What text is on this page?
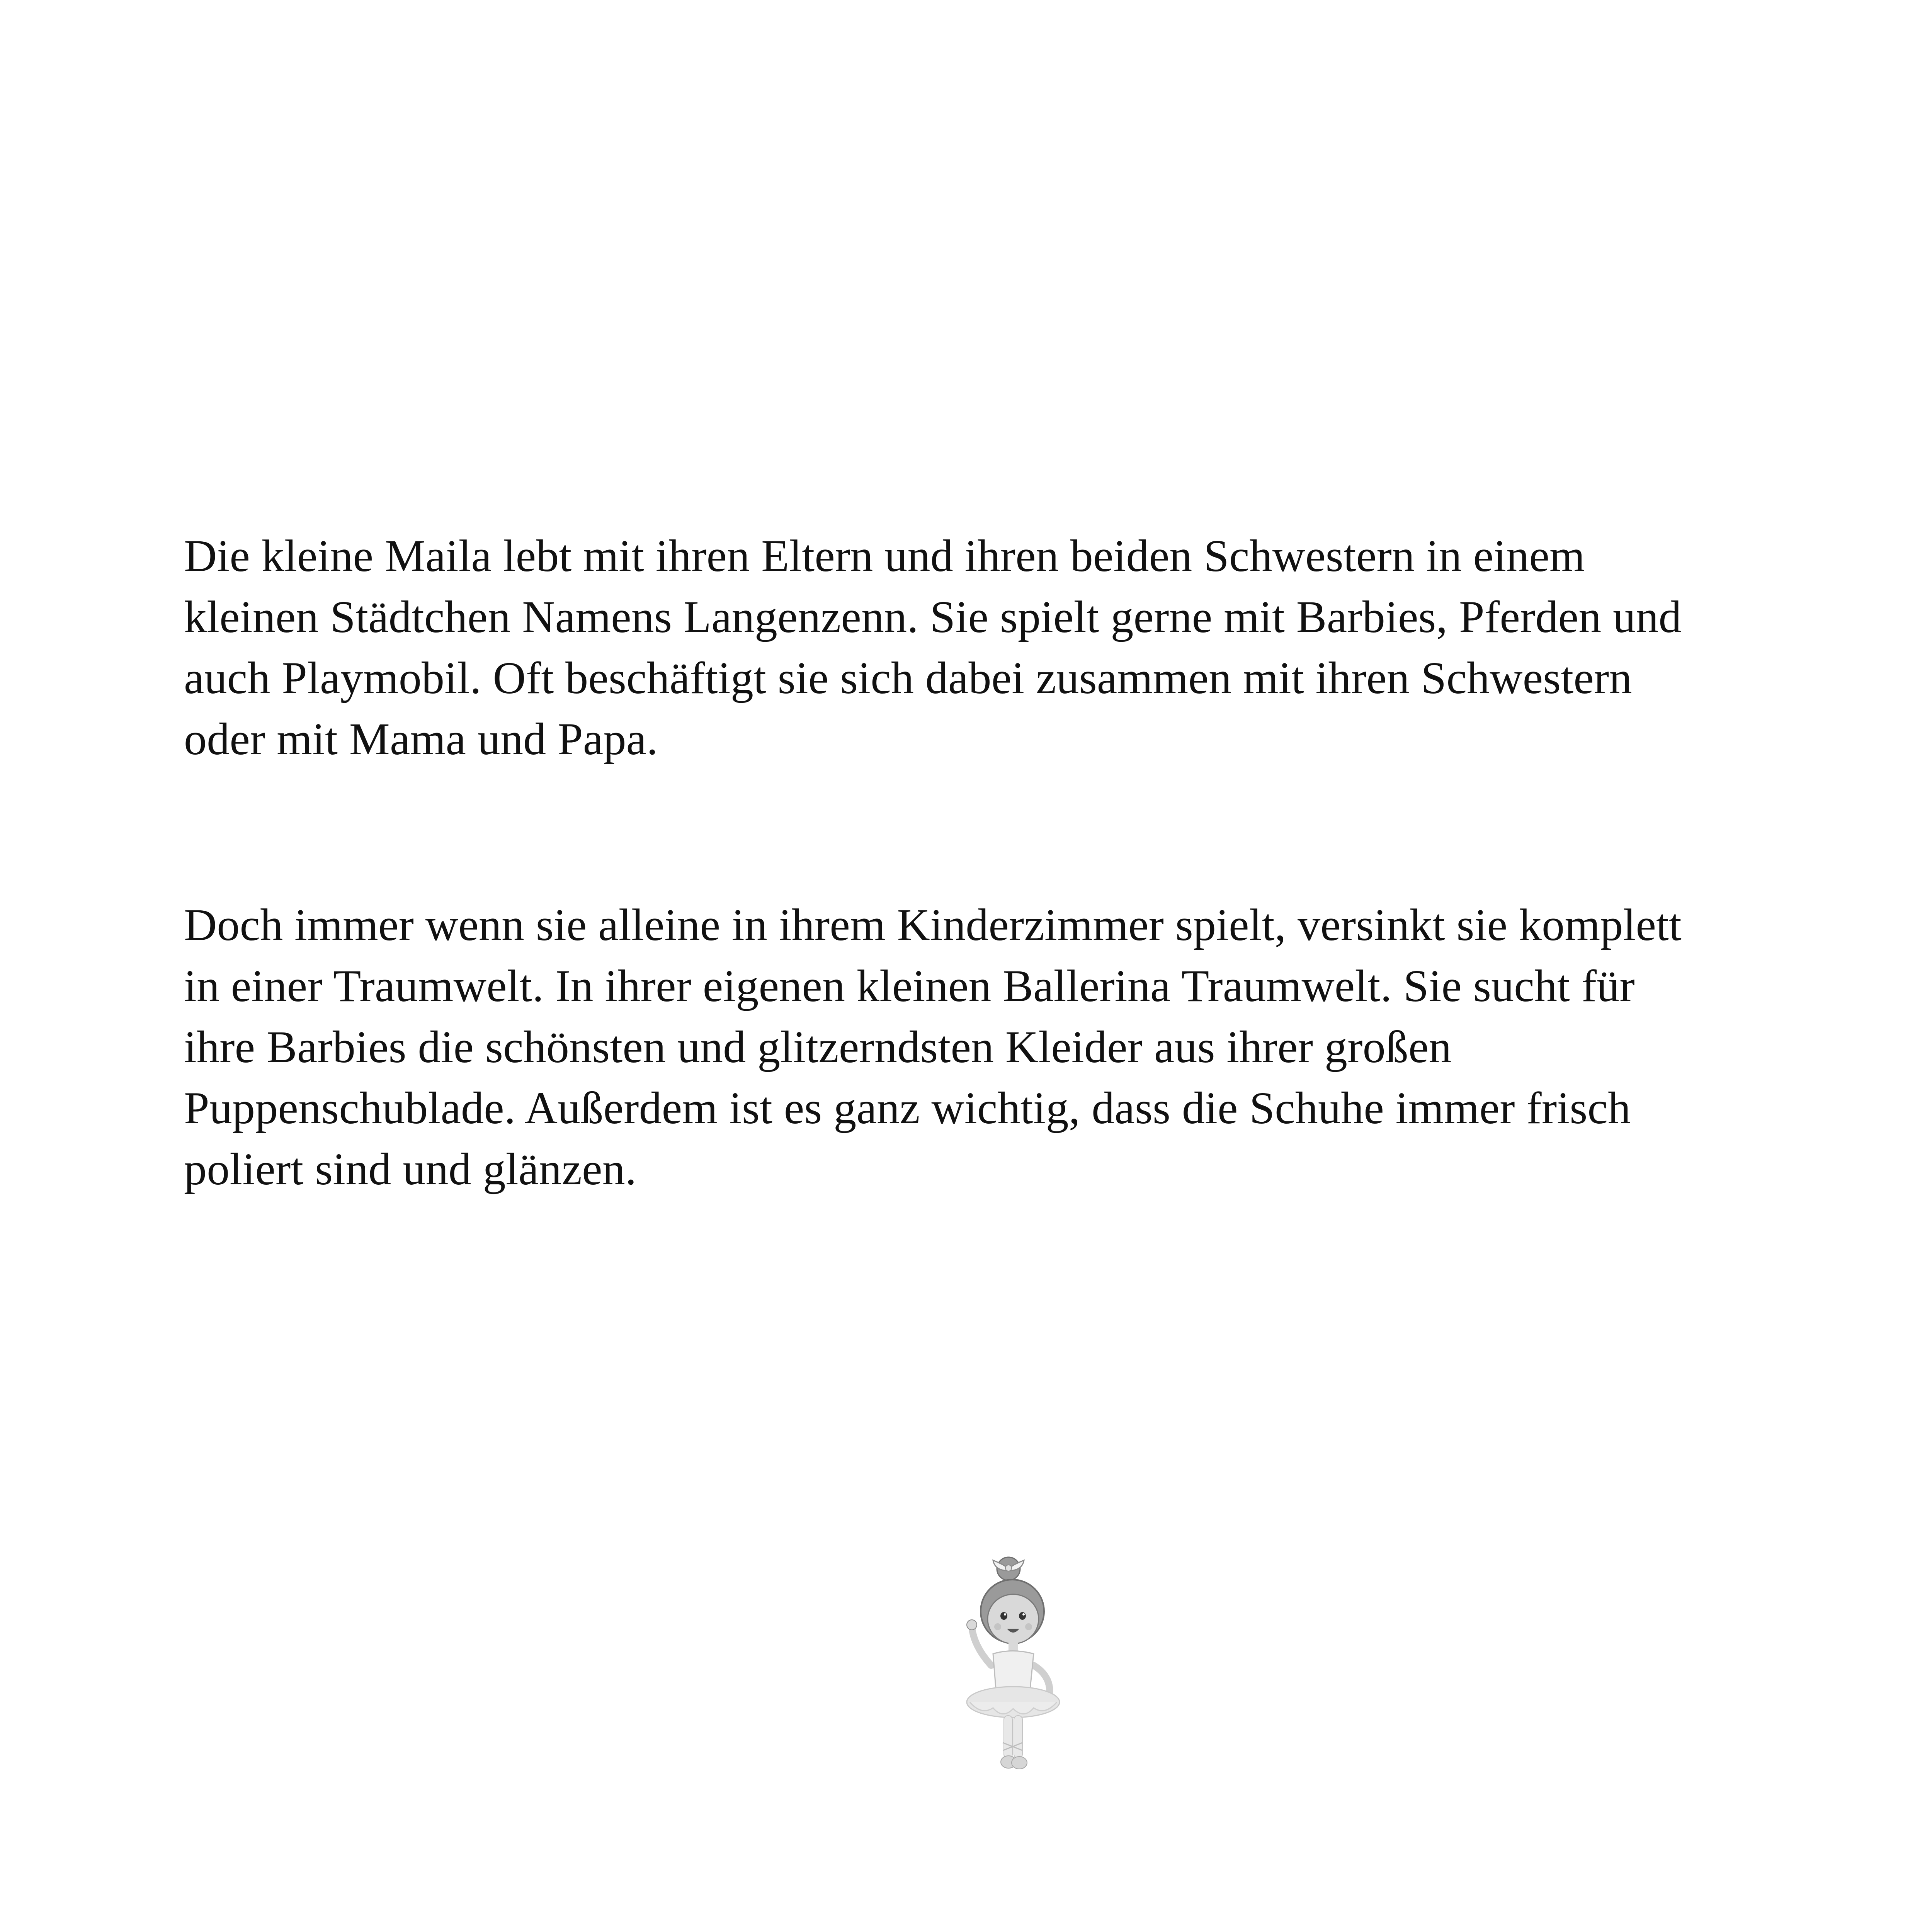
Die kleine Maila lebt mit ihren Eltern und ihren beiden Schwestern in einem
kleinen Städtchen Namens Langenzenn. Sie spielt gerne mit Barbies, Pferden und
auch Playmobil. Oft beschäftigt sie sich dabei zusammen mit ihren Schwestern
oder mit Mama und Papa.

Doch immer wenn sie alleine in ihrem Kinderzimmer spielt, versinkt sie komplett
in einer Traumwelt. In ihrer eigenen kleinen Ballerina Traumwelt. Sie sucht für
ihre Barbies die schönsten und glitzerndsten Kleider aus ihrer großen
Puppenschublade. Außerdem ist es ganz wichtig, dass die Schuhe immer frisch
poliert sind und glänzen.
